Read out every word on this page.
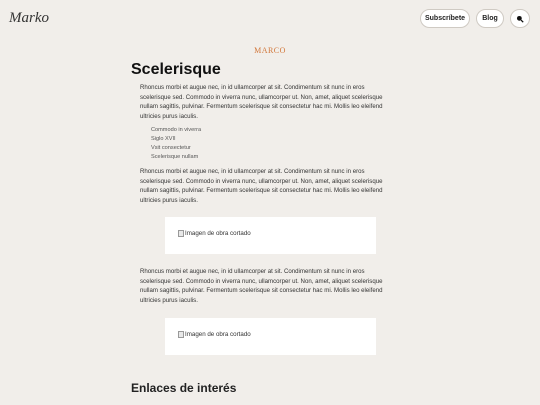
Marko	Subscríbete	Blog
MARCO
Scelerisque

Rhoncus morbi et augue nec, in id ullamcorper at sit. Condimentum sit nunc in eros scelerisque sed. Commodo in viverra nunc, ullamcorper ut. Non, amet, aliquet scelerisque nullam sagittis, pulvinar. Fermentum scelerisque sit consectetur hac mi. Mollis leo eleifend ultricies purus iaculis.

Commodo in viverra
Siglo XVII
Vsit consectetur
Scelerisque nullam

Rhoncus morbi et augue nec, in id ullamcorper at sit. Condimentum sit nunc in eros scelerisque sed. Commodo in viverra nunc, ullamcorper ut. Non, amet, aliquet scelerisque nullam sagittis, pulvinar. Fermentum scelerisque sit consectetur hac mi. Mollis leo eleifend ultricies purus iaculis.

Imagen de obra cortado

Rhoncus morbi et augue nec, in id ullamcorper at sit. Condimentum sit nunc in eros scelerisque sed. Commodo in viverra nunc, ullamcorper ut. Non, amet, aliquet scelerisque nullam sagittis, pulvinar. Fermentum scelerisque sit consectetur hac mi. Mollis leo eleifend ultricies purus iaculis.

Imagen de obra cortado
Enlaces de interés
